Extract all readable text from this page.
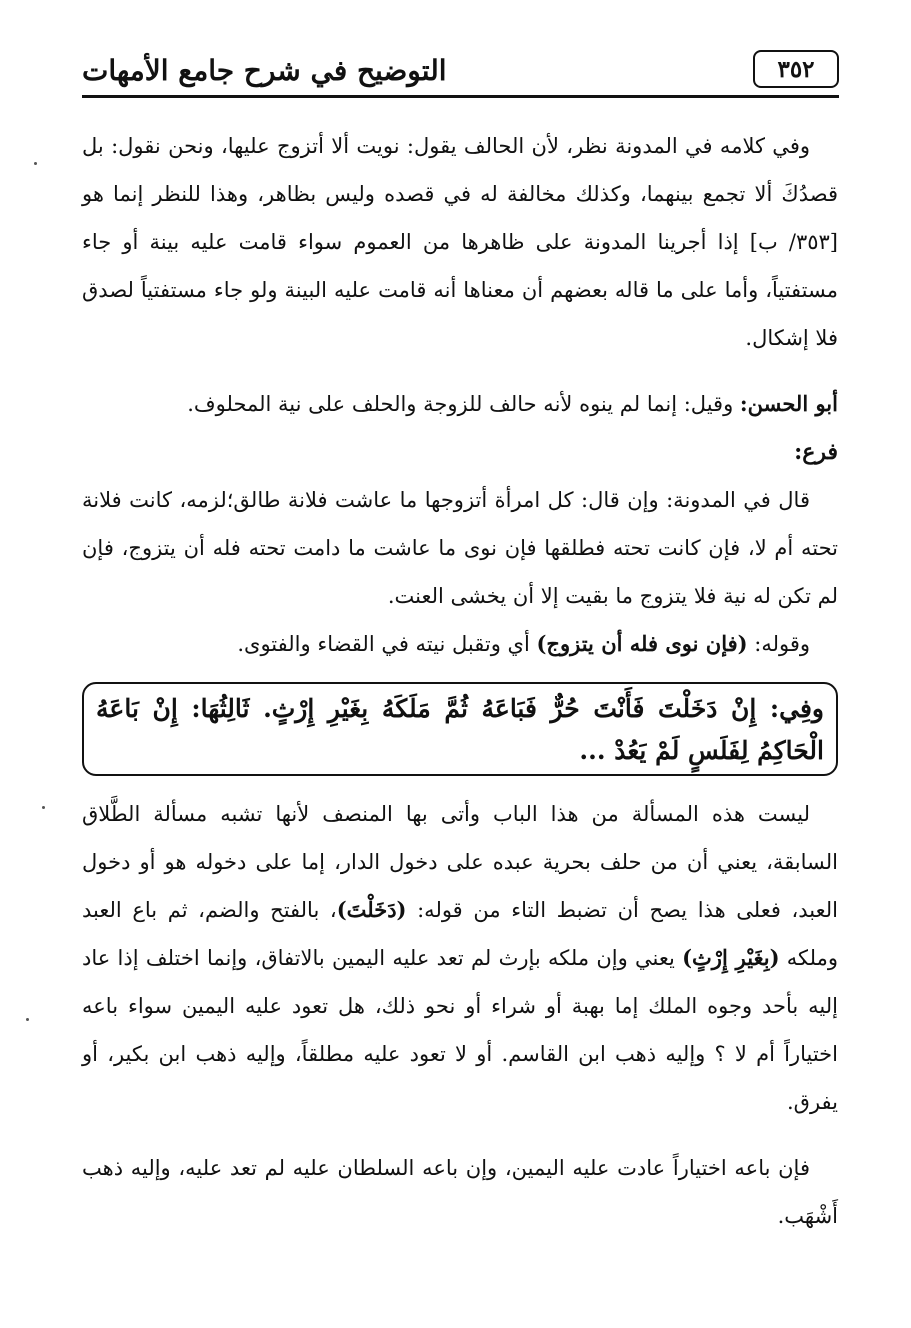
٣٥٢
التوضيح في شرح جامع الأمهات

وفي كلامه في المدونة نظر، لأن الحالف يقول: نويت ألا أتزوج عليها، ونحن نقول: بل قصدُكَ ألا تجمع بينهما، وكذلك مخالفة له في قصده وليس بظاهر، وهذا للنظر إنما هو [٣٥٣/ ب] إذا أجرينا المدونة على ظاهرها من العموم سواء قامت عليه بينة أو جاء مستفتياً، وأما على ما قاله بعضهم أن معناها أنه قامت عليه البينة ولو جاء مستفتياً لصدق فلا إشكال.

أبو الحسن: وقيل: إنما لم ينوه لأنه حالف للزوجة والحلف على نية المحلوف.

فرع:

قال في المدونة: وإن قال: كل امرأة أتزوجها ما عاشت فلانة طالق؛لزمه، كانت فلانة تحته أم لا، فإن كانت تحته فطلقها فإن نوى ما عاشت ما دامت تحته فله أن يتزوج، فإن لم تكن له نية فلا يتزوج ما بقيت إلا أن يخشى العنت.

وقوله: (فإن نوى فله أن يتزوج) أي وتقبل نيته في القضاء والفتوى.

وفِي: إِنْ دَخَلْتَ فَأَنْتَ حُرٌّ فَبَاعَهُ ثُمَّ مَلَكَهُ بِغَيْرِ إِرْثٍ. ثَالِثُهَا: إِنْ بَاعَهُ الْحَاكِمُ لِفَلَسٍ لَمْ يَعُدْ ...

ليست هذه المسألة من هذا الباب وأتى بها المنصف لأنها تشبه مسألة الطَّلاق السابقة، يعني أن من حلف بحرية عبده على دخول الدار، إما على دخوله هو أو دخول العبد، فعلى هذا يصح أن تضبط التاء من قوله: (دَخَلْتَ)، بالفتح والضم، ثم باع العبد وملكه (بِغَيْرِ إِرْثٍ) يعني وإن ملكه بإرث لم تعد عليه اليمين بالاتفاق، وإنما اختلف إذا عاد إليه بأحد وجوه الملك إما بهبة أو شراء أو نحو ذلك، هل تعود عليه اليمين سواء باعه اختياراً أم لا ؟ وإليه ذهب ابن القاسم. أو لا تعود عليه مطلقاً، وإليه ذهب ابن بكير، أو يفرق.

فإن باعه اختياراً عادت عليه اليمين، وإن باعه السلطان عليه لم تعد عليه، وإليه ذهب أَشْهَب.
